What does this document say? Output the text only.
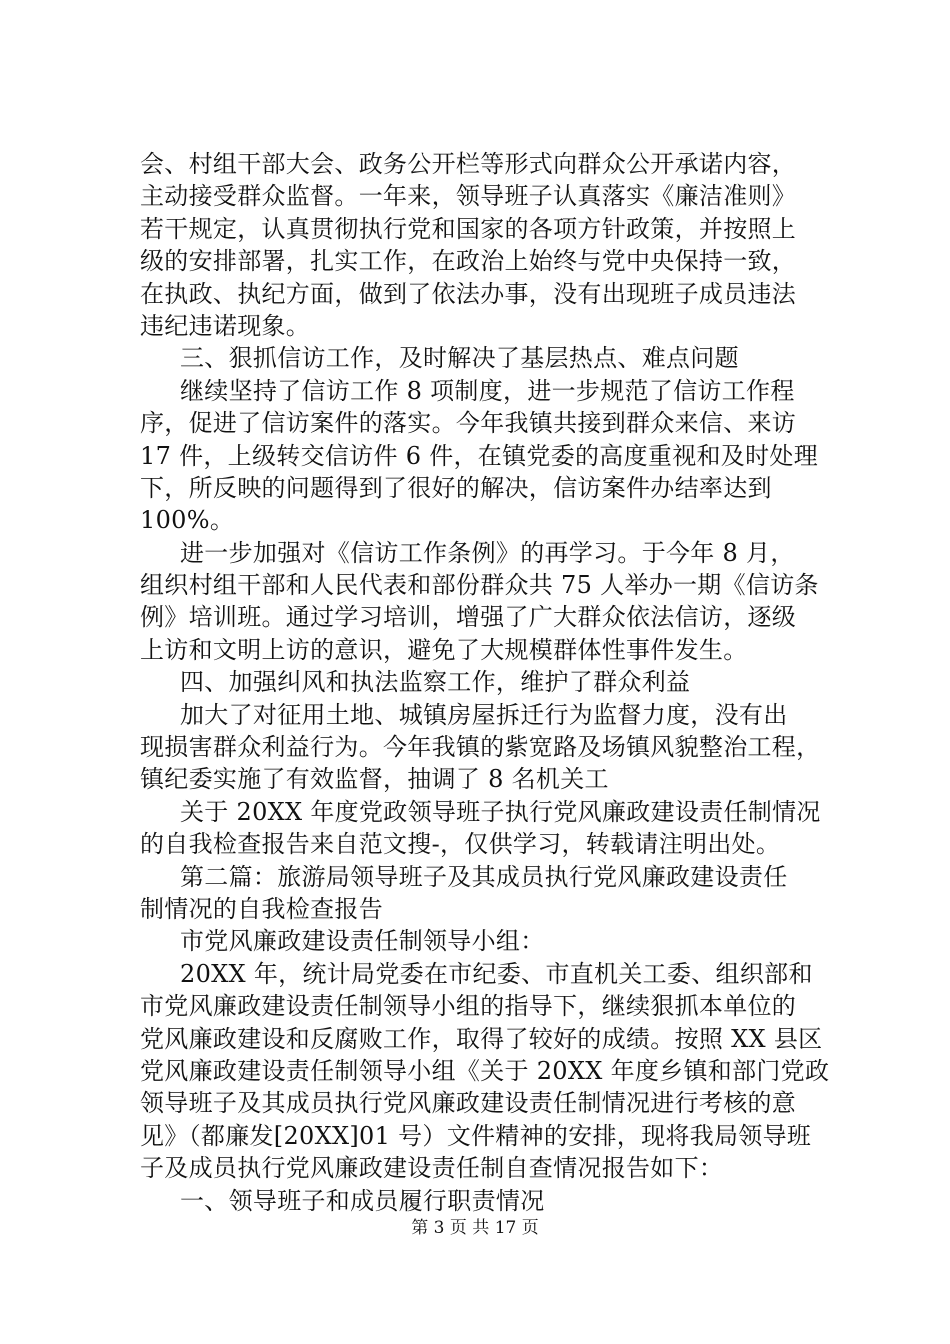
会、村组干部大会、政务公开栏等形式向群众公开承诺内容，
主动接受群众监督。一年来，领导班子认真落实《廉洁准则》
若干规定，认真贯彻执行党和国家的各项方针政策，并按照上
级的安排部署，扎实工作，在政治上始终与党中央保持一致，
在执政、执纪方面，做到了依法办事，没有出现班子成员违法
违纪违诺现象。
三、狠抓信访工作，及时解决了基层热点、难点问题
继续坚持了信访工作 8 项制度，进一步规范了信访工作程
序，促进了信访案件的落实。今年我镇共接到群众来信、来访
17 件，上级转交信访件 6 件，在镇党委的高度重视和及时处理
下，所反映的问题得到了很好的解决，信访案件办结率达到
100%。
进一步加强对《信访工作条例》的再学习。于今年 8 月，
组织村组干部和人民代表和部份群众共 75 人举办一期《信访条
例》培训班。通过学习培训，增强了广大群众依法信访，逐级
上访和文明上访的意识，避免了大规模群体性事件发生。
四、加强纠风和执法监察工作，维护了群众利益
加大了对征用土地、城镇房屋拆迁行为监督力度，没有出
现损害群众利益行为。今年我镇的紫宽路及场镇风貌整治工程，
镇纪委实施了有效监督，抽调了 8 名机关工
关于 20XX 年度党政领导班子执行党风廉政建设责任制情况
的自我检查报告来自范文搜-，仅供学习，转载请注明出处。
第二篇：旅游局领导班子及其成员执行党风廉政建设责任
制情况的自我检查报告
市党风廉政建设责任制领导小组：
20XX 年，统计局党委在市纪委、市直机关工委、组织部和
市党风廉政建设责任制领导小组的指导下，继续狠抓本单位的
党风廉政建设和反腐败工作，取得了较好的成绩。按照 XX 县区
党风廉政建设责任制领导小组《关于 20XX 年度乡镇和部门党政
领导班子及其成员执行党风廉政建设责任制情况进行考核的意
见》（都廉发[20XX]01 号）文件精神的安排，现将我局领导班
子及成员执行党风廉政建设责任制自查情况报告如下：
一、领导班子和成员履行职责情况
第 3 页 共 17 页
